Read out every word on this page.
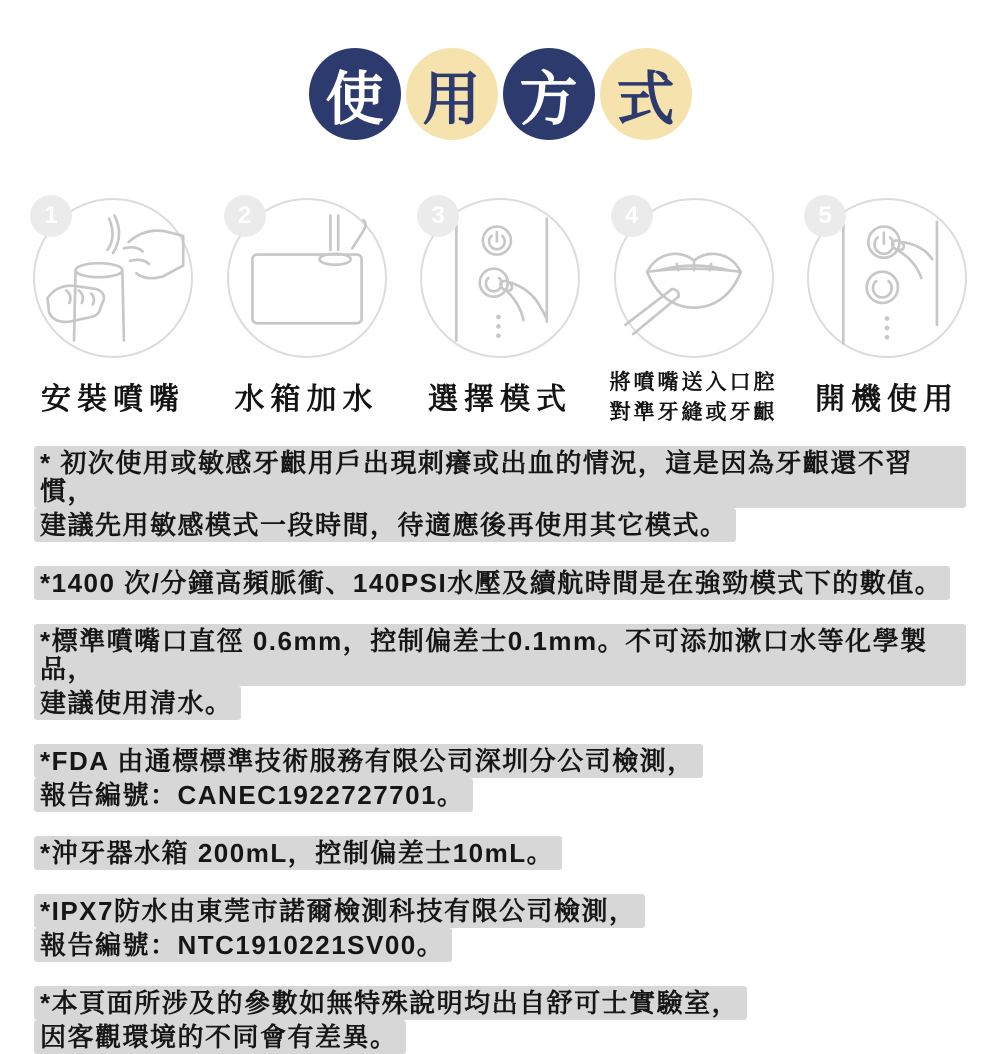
使 用 方 式
1
安裝噴嘴
2
水箱加水
3
選擇模式
4
將噴嘴送入口腔
對準牙縫或牙齦
5
開機使用
* 初次使用或敏感牙齦用戶出現刺癢或出血的情況，這是因為牙齦還不習慣，
建議先用敏感模式一段時間，待適應後再使用其它模式。
*1400 次/分鐘高頻脈衝、140PSI水壓及續航時間是在強勁模式下的數值。
*標準噴嘴口直徑 0.6mm，控制偏差士0.1mm。不可添加漱口水等化學製品，
建議使用清水。
*FDA 由通標標準技術服務有限公司深圳分公司檢測，
報告編號：CANEC1922727701。
*沖牙器水箱 200mL，控制偏差士10mL。
*IPX7防水由東莞市諾爾檢測科技有限公司檢測，
報告編號：NTC1910221SV00。
*本頁面所涉及的參數如無特殊說明均出自舒可士實驗室，
因客觀環境的不同會有差異。
